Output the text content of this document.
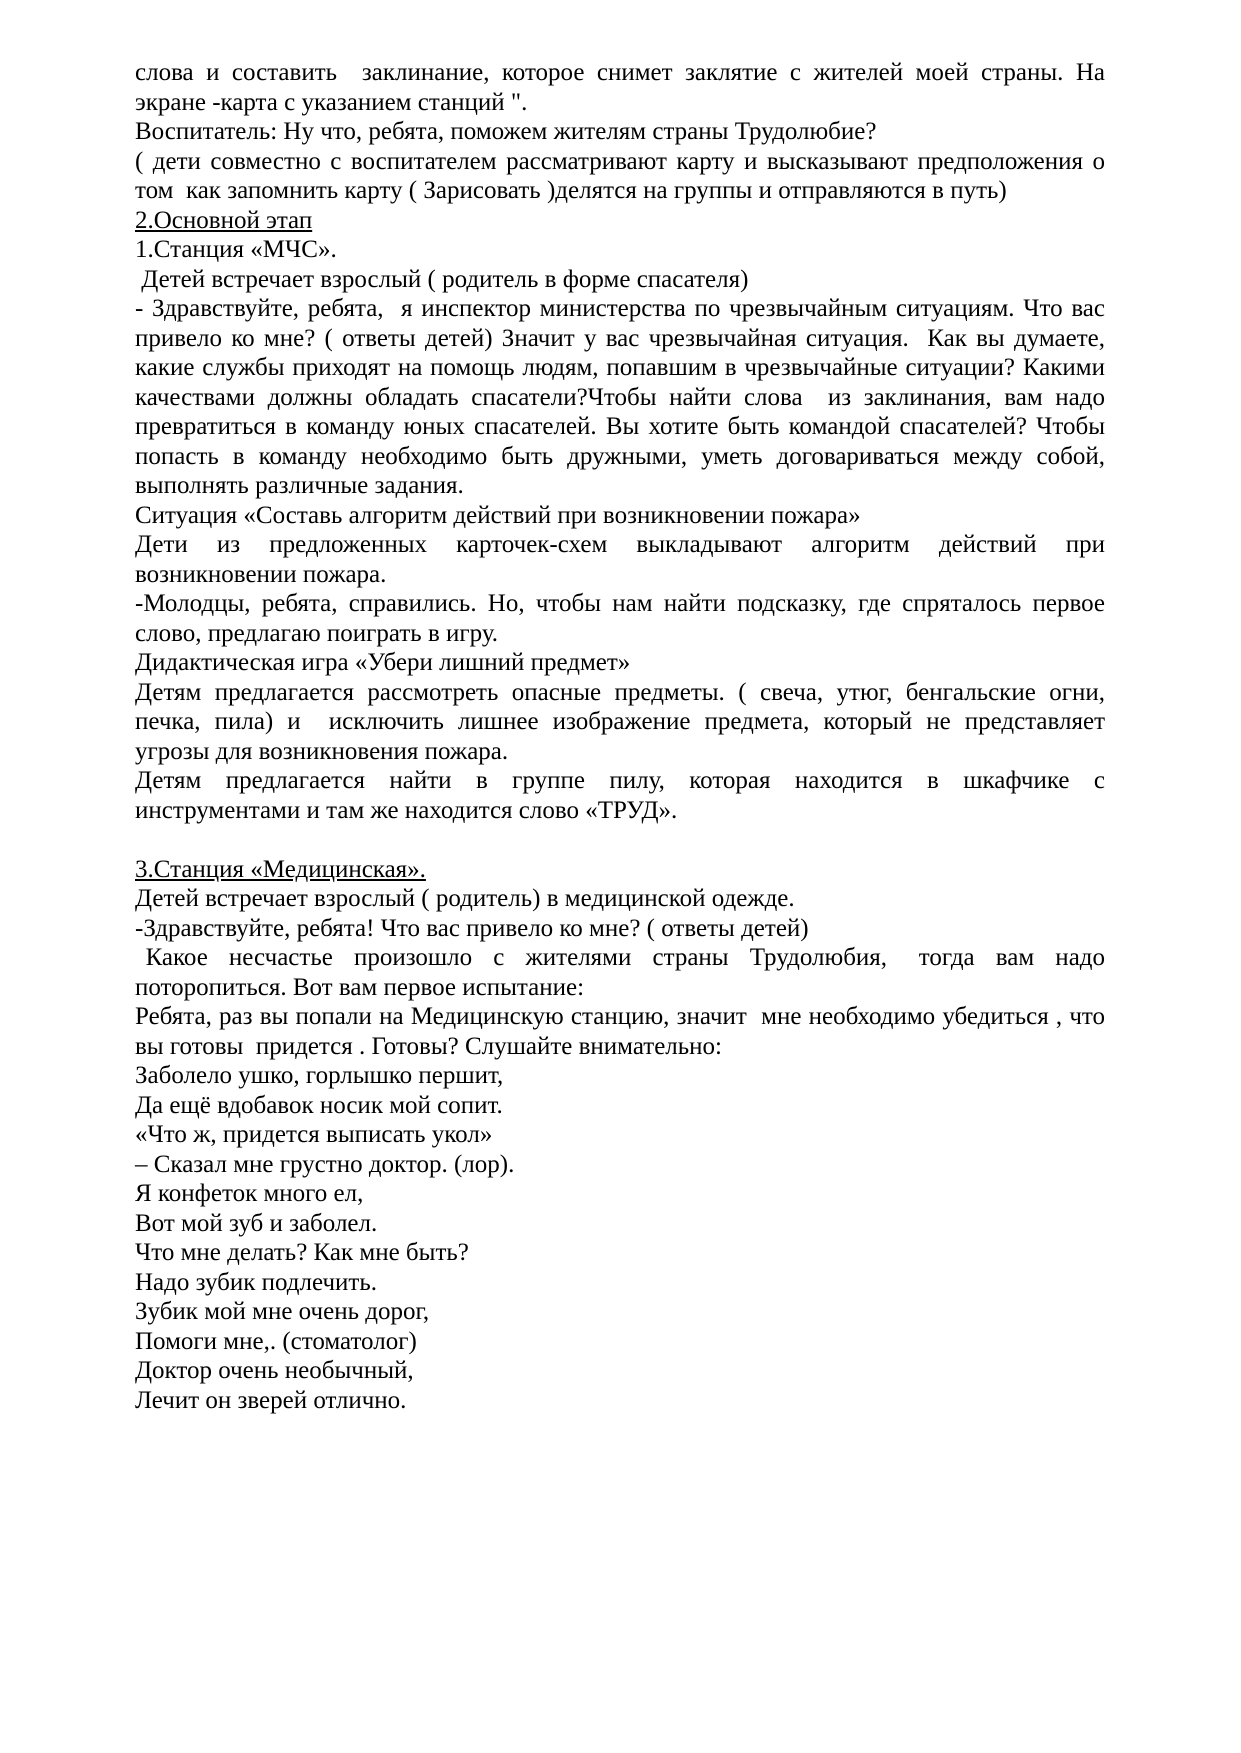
слова и составить  заклинание, которое снимет заклятие с жителей моей страны. На экране -карта с указанием станций ".

Воспитатель: Ну что, ребята, поможем жителям страны Трудолюбие?

( дети совместно с воспитателем рассматривают карту и высказывают предположения о том  как запомнить карту ( Зарисовать )делятся на группы и отправляются в путь)

2.Основной этап

1.Станция «МЧС».

Детей встречает взрослый ( родитель в форме спасателя)

- Здравствуйте, ребята,  я инспектор министерства по чрезвычайным ситуациям. Что вас привело ко мне? ( ответы детей) Значит у вас чрезвычайная ситуация.  Как вы думаете, какие службы приходят на помощь людям, попавшим в чрезвычайные ситуации? Какими качествами должны обладать спасатели?Чтобы найти слова  из заклинания, вам надо  превратиться в команду юных спасателей. Вы хотите быть командой спасателей? Чтобы попасть в команду необходимо быть дружными, уметь договариваться между собой, выполнять различные задания.

Ситуация «Составь алгоритм действий при возникновении пожара»

Дети  из  предложенных  карточек-схем  выкладывают  алгоритм  действий  при возникновении пожара.

-Молодцы, ребята, справились. Но, чтобы нам найти подсказку, где спряталось первое слово, предлагаю поиграть в игру.

Дидактическая игра «Убери лишний предмет»

Детям предлагается рассмотреть опасные предметы. ( свеча, утюг, бенгальские огни, печка, пила) и  исключить лишнее изображение предмета, который не представляет угрозы для возникновения пожара.

Детям  предлагается  найти  в  группе  пилу,  которая  находится  в  шкафчике  с инструментами и там же находится слово «ТРУД».

3.Станция «Медицинская».

Детей встречает взрослый ( родитель) в медицинской одежде.

-Здравствуйте, ребята! Что вас привело ко мне? ( ответы детей)

Какое  несчастье  произошло  с  жителями  страны  Трудолюбия,   тогда  вам  надо поторопиться. Вот вам первое испытание:

Ребята, раз вы попали на Медицинскую станцию, значит  мне необходимо убедиться , что вы готовы  придется . Готовы? Слушайте внимательно:

Заболело ушко, горлышко першит,

Да ещё вдобавок носик мой сопит.

«Что ж, придется выписать укол»

– Сказал мне грустно доктор. (лор).

Я конфеток много ел,

Вот мой зуб и заболел.

Что мне делать? Как мне быть?

Надо зубик подлечить.

Зубик мой мне очень дорог,

Помоги мне,. (стоматолог)

Доктор очень необычный,

Лечит он зверей отлично.
